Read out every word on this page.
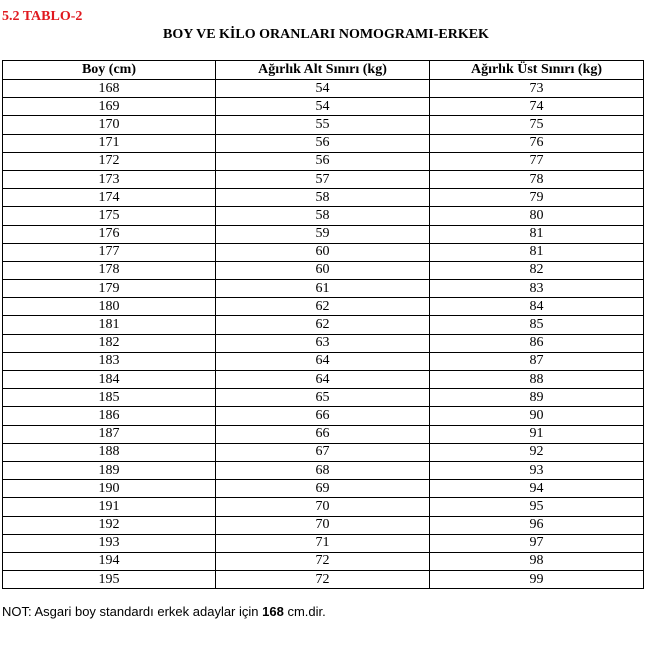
5.2 TABLO-2
BOY VE KİLO ORANLARI NOMOGRAMI-ERKEK
Boy (cm)	Ağırlık Alt Sınırı (kg)	Ağırlık Üst Sınırı (kg)
168	54	73
169	54	74
170	55	75
171	56	76
172	56	77
173	57	78
174	58	79
175	58	80
176	59	81
177	60	81
178	60	82
179	61	83
180	62	84
181	62	85
182	63	86
183	64	87
184	64	88
185	65	89
186	66	90
187	66	91
188	67	92
189	68	93
190	69	94
191	70	95
192	70	96
193	71	97
194	72	98
195	72	99
NOT: Asgari boy standardı erkek adaylar için 168 cm.dir.
